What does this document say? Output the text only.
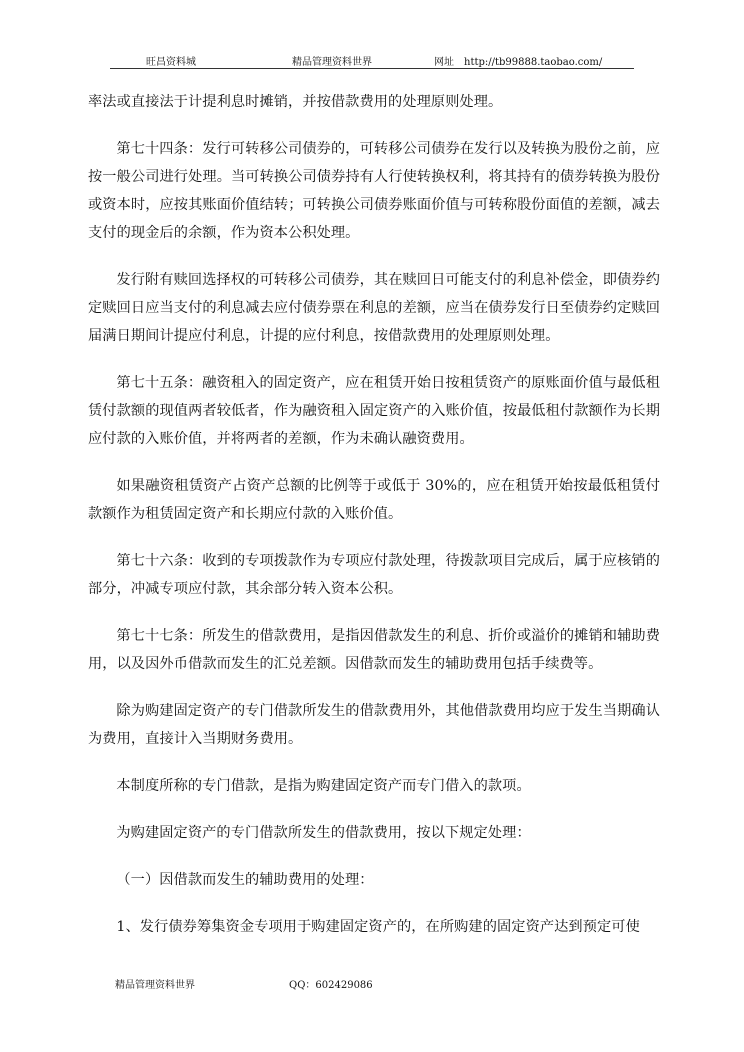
旺昌资料城	精品管理资料世界	网址　http://tb99888.taobao.com/

率法或直接法于计提利息时摊销，并按借款费用的处理原则处理。

第七十四条：发行可转移公司债券的，可转移公司债券在发行以及转换为股份之前，应按一般公司进行处理。当可转换公司债券持有人行使转换权利，将其持有的债券转换为股份或资本时，应按其账面价值结转；可转换公司债券账面价值与可转称股份面值的差额，减去支付的现金后的余额，作为资本公积处理。

发行附有赎回选择权的可转移公司债券，其在赎回日可能支付的利息补偿金，即债券约定赎回日应当支付的利息减去应付债券票在利息的差额，应当在债券发行日至债券约定赎回届满日期间计提应付利息，计提的应付利息，按借款费用的处理原则处理。

第七十五条：融资租入的固定资产，应在租赁开始日按租赁资产的原账面价值与最低租赁付款额的现值两者较低者，作为融资租入固定资产的入账价值，按最低租付款额作为长期应付款的入账价值，并将两者的差额，作为未确认融资费用。

如果融资租赁资产占资产总额的比例等于或低于 30%的，应在租赁开始按最低租赁付款额作为租赁固定资产和长期应付款的入账价值。

第七十六条：收到的专项拨款作为专项应付款处理，待拨款项目完成后，属于应核销的部分，冲减专项应付款，其余部分转入资本公积。

第七十七条：所发生的借款费用，是指因借款发生的利息、折价或溢价的摊销和辅助费用，以及因外币借款而发生的汇兑差额。因借款而发生的辅助费用包括手续费等。

除为购建固定资产的专门借款所发生的借款费用外，其他借款费用均应于发生当期确认为费用，直接计入当期财务费用。

本制度所称的专门借款，是指为购建固定资产而专门借入的款项。

为购建固定资产的专门借款所发生的借款费用，按以下规定处理：

（一）因借款而发生的辅助费用的处理：

1、发行债券筹集资金专项用于购建固定资产的，在所购建的固定资产达到预定可使

精品管理资料世界	QQ：602429086
